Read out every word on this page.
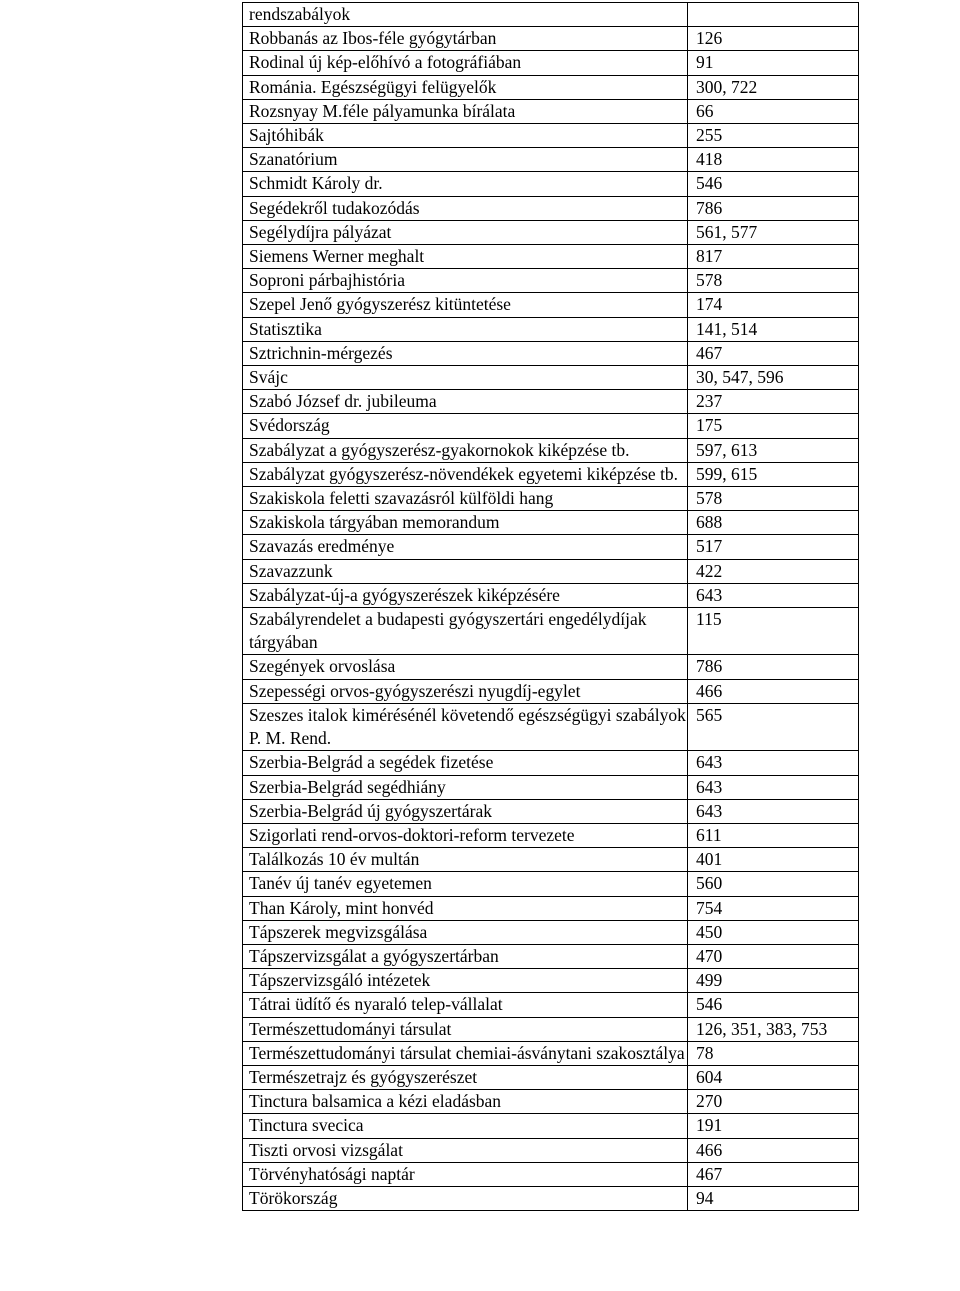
rendszabályok	
Robbanás az Ibos-féle gyógytárban	126
Rodinal új kép-előhívó a fotográfiában	91
Románia. Egészségügyi felügyelők	300, 722
Rozsnyay M.féle pályamunka bírálata	66
Sajtóhibák	255
Szanatórium	418
Schmidt Károly dr.	546
Segédekről tudakozódás	786
Segélydíjra pályázat	561, 577
Siemens Werner meghalt	817
Soproni párbajhistória	578
Szepel Jenő gyógyszerész kitüntetése	174
Statisztika	141, 514
Sztrichnin-mérgezés	467
Svájc	30, 547, 596
Szabó József dr. jubileuma	237
Svédország	175
Szabályzat a gyógyszerész-gyakornokok kiképzése tb.	597, 613
Szabályzat gyógyszerész-növendékek egyetemi kiképzése tb.	599, 615
Szakiskola feletti szavazásról külföldi hang	578
Szakiskola tárgyában memorandum	688
Szavazás eredménye	517
Szavazzunk	422
Szabályzat-új-a gyógyszerészek kiképzésére	643
Szabályrendelet a budapesti gyógyszertári engedélydíjak tárgyában	115
Szegények orvoslása	786
Szepességi orvos-gyógyszerészi nyugdíj-egylet	466
Szeszes italok kimérésénél követendő egészségügyi szabályok P. M. Rend.	565
Szerbia-Belgrád a segédek fizetése	643
Szerbia-Belgrád segédhiány	643
Szerbia-Belgrád új gyógyszertárak	643
Szigorlati rend-orvos-doktori-reform tervezete	611
Találkozás 10 év multán	401
Tanév új tanév egyetemen	560
Than Károly, mint honvéd	754
Tápszerek megvizsgálása	450
Tápszervizsgálat a gyógyszertárban	470
Tápszervizsgáló intézetek	499
Tátrai üdítő és nyaraló telep-vállalat	546
Természettudományi társulat	126, 351, 383, 753
Természettudományi társulat chemiai-ásványtani szakosztálya	78
Természetrajz és gyógyszerészet	604
Tinctura balsamica a kézi eladásban	270
Tinctura svecica	191
Tiszti orvosi vizsgálat	466
Törvényhatósági naptár	467
Törökország	94
